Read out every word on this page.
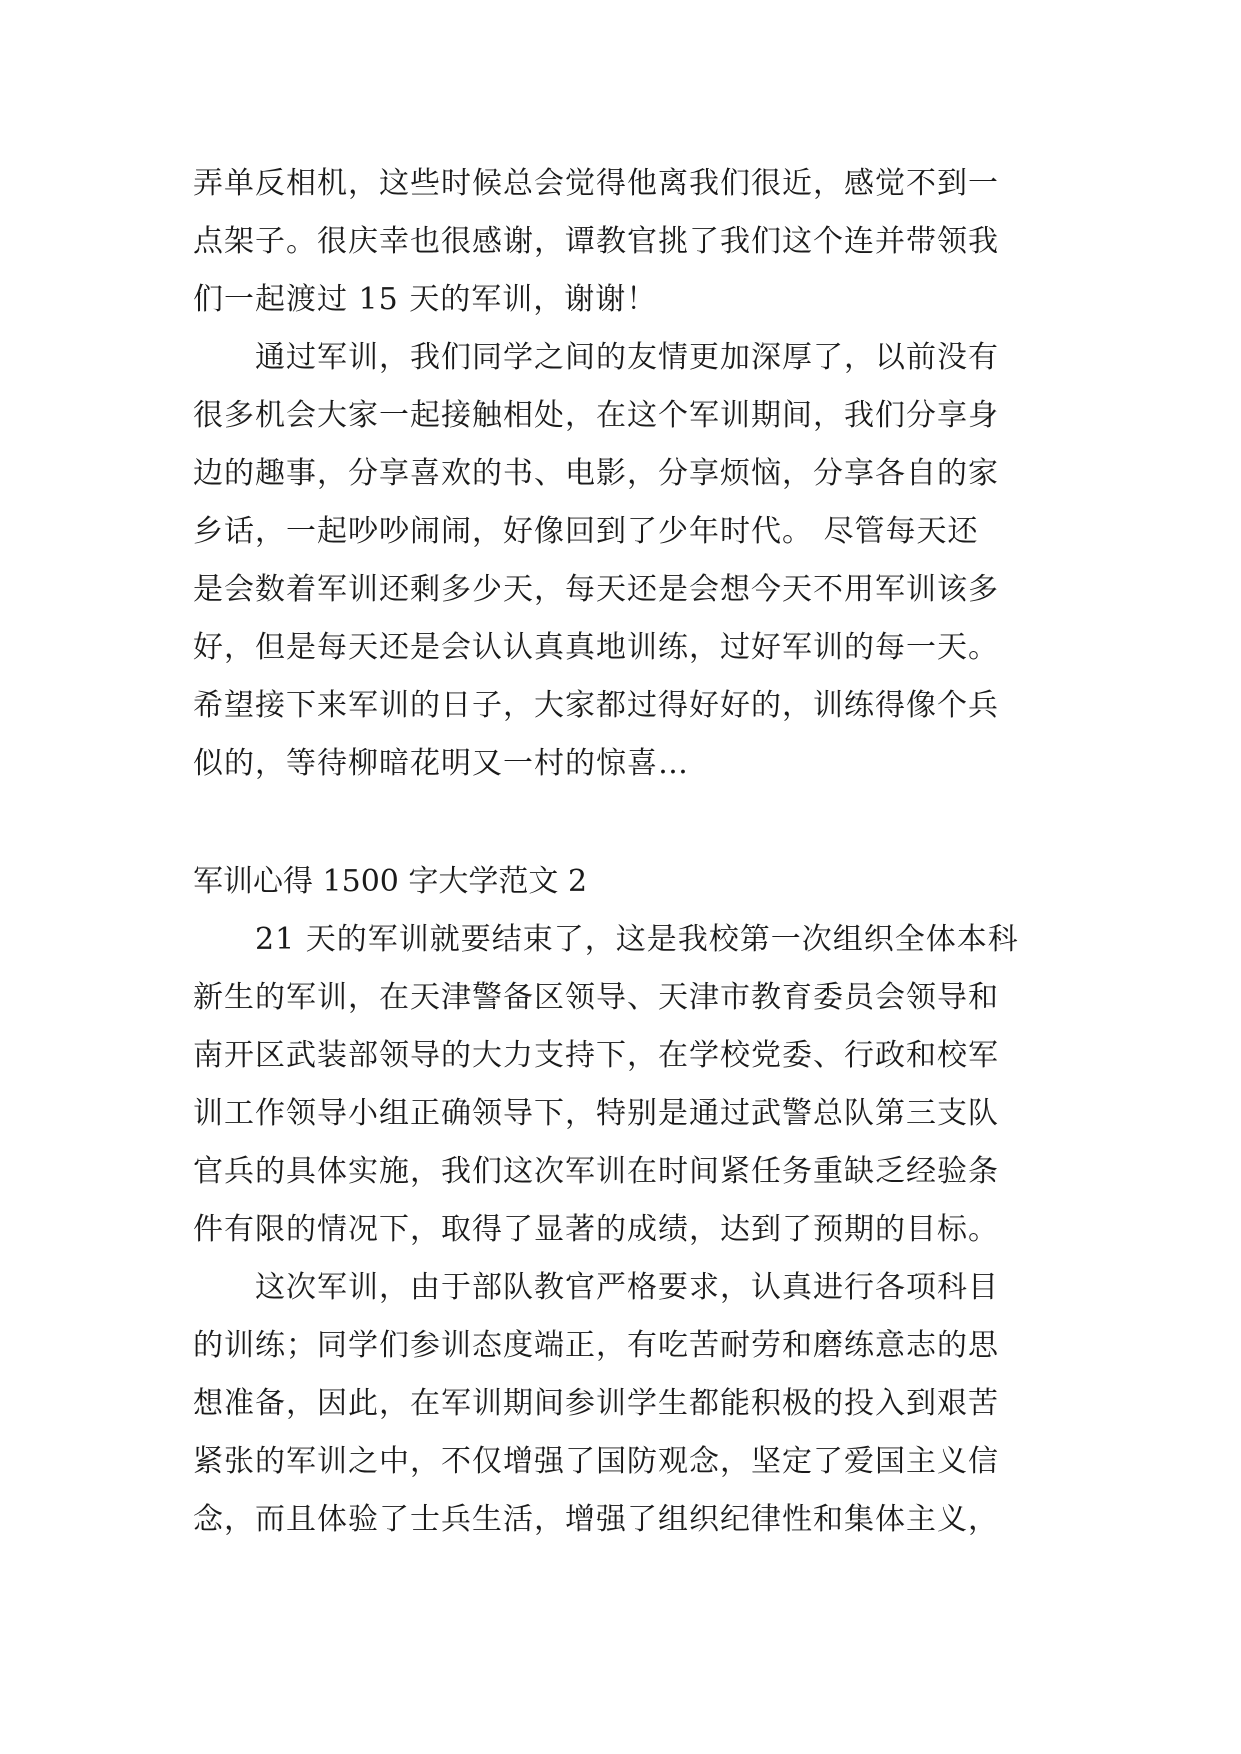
弄单反相机，这些时候总会觉得他离我们很近，感觉不到一
点架子。很庆幸也很感谢，谭教官挑了我们这个连并带领我
们一起渡过 15 天的军训，谢谢！
通过军训，我们同学之间的友情更加深厚了，以前没有
很多机会大家一起接触相处，在这个军训期间，我们分享身
边的趣事，分享喜欢的书、电影，分享烦恼，分享各自的家
乡话，一起吵吵闹闹，好像回到了少年时代。 尽管每天还
是会数着军训还剩多少天，每天还是会想今天不用军训该多
好，但是每天还是会认认真真地训练，过好军训的每一天。
希望接下来军训的日子，大家都过得好好的，训练得像个兵
似的，等待柳暗花明又一村的惊喜…
军训心得 1500 字大学范文 2
21 天的军训就要结束了，这是我校第一次组织全体本科
新生的军训，在天津警备区领导、天津市教育委员会领导和
南开区武装部领导的大力支持下，在学校党委、行政和校军
训工作领导小组正确领导下，特别是通过武警总队第三支队
官兵的具体实施，我们这次军训在时间紧任务重缺乏经验条
件有限的情况下，取得了显著的成绩，达到了预期的目标。
这次军训，由于部队教官严格要求，认真进行各项科目
的训练；同学们参训态度端正，有吃苦耐劳和磨练意志的思
想准备，因此，在军训期间参训学生都能积极的投入到艰苦
紧张的军训之中，不仅增强了国防观念，坚定了爱国主义信
念，而且体验了士兵生活，增强了组织纪律性和集体主义，
